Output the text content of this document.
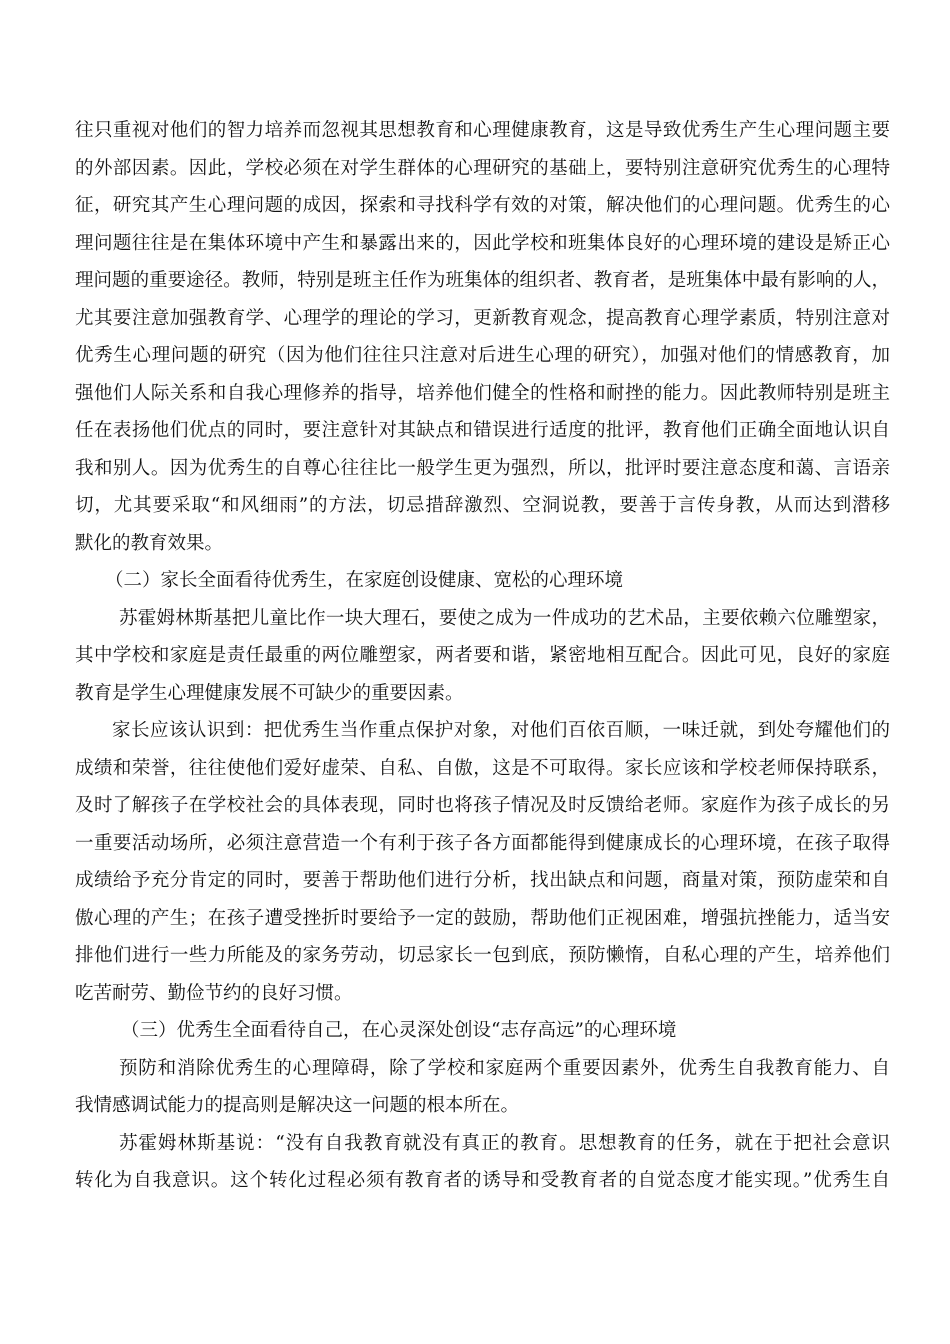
往只重视对他们的智力培养而忽视其思想教育和心理健康教育，这是导致优秀生产生心理问题主要
的外部因素。因此，学校必须在对学生群体的心理研究的基础上，要特别注意研究优秀生的心理特
征，研究其产生心理问题的成因，探索和寻找科学有效的对策，解决他们的心理问题。优秀生的心
理问题往往是在集体环境中产生和暴露出来的，因此学校和班集体良好的心理环境的建设是矫正心
理问题的重要途径。教师，特别是班主任作为班集体的组织者、教育者，是班集体中最有影响的人，
尤其要注意加强教育学、心理学的理论的学习，更新教育观念，提高教育心理学素质，特别注意对
优秀生心理问题的研究（因为他们往往只注意对后进生心理的研究），加强对他们的情感教育，加
强他们人际关系和自我心理修养的指导，培养他们健全的性格和耐挫的能力。因此教师特别是班主
任在表扬他们优点的同时，要注意针对其缺点和错误进行适度的批评，教育他们正确全面地认识自
我和别人。因为优秀生的自尊心往往比一般学生更为强烈，所以，批评时要注意态度和蔼、言语亲
切，尤其要采取“和风细雨”的方法，切忌措辞激烈、空洞说教，要善于言传身教，从而达到潜移
默化的教育效果。
（二）家长全面看待优秀生，在家庭创设健康、宽松的心理环境
苏霍姆林斯基把儿童比作一块大理石，要使之成为一件成功的艺术品，主要依赖六位雕塑家，
其中学校和家庭是责任最重的两位雕塑家，两者要和谐，紧密地相互配合。因此可见，良好的家庭
教育是学生心理健康发展不可缺少的重要因素。
家长应该认识到：把优秀生当作重点保护对象，对他们百依百顺，一味迁就，到处夸耀他们的
成绩和荣誉，往往使他们爱好虚荣、自私、自傲，这是不可取得。家长应该和学校老师保持联系，
及时了解孩子在学校社会的具体表现，同时也将孩子情况及时反馈给老师。家庭作为孩子成长的另
一重要活动场所，必须注意营造一个有利于孩子各方面都能得到健康成长的心理环境，在孩子取得
成绩给予充分肯定的同时，要善于帮助他们进行分析，找出缺点和问题，商量对策，预防虚荣和自
傲心理的产生；在孩子遭受挫折时要给予一定的鼓励，帮助他们正视困难，增强抗挫能力，适当安
排他们进行一些力所能及的家务劳动，切忌家长一包到底，预防懒惰，自私心理的产生，培养他们
吃苦耐劳、勤俭节约的良好习惯。
（三）优秀生全面看待自己，在心灵深处创设“志存高远”的心理环境
预防和消除优秀生的心理障碍，除了学校和家庭两个重要因素外，优秀生自我教育能力、自
我情感调试能力的提高则是解决这一问题的根本所在。
苏霍姆林斯基说：“没有自我教育就没有真正的教育。思想教育的任务，就在于把社会意识
转化为自我意识。这个转化过程必须有教育者的诱导和受教育者的自觉态度才能实现。”优秀生自
